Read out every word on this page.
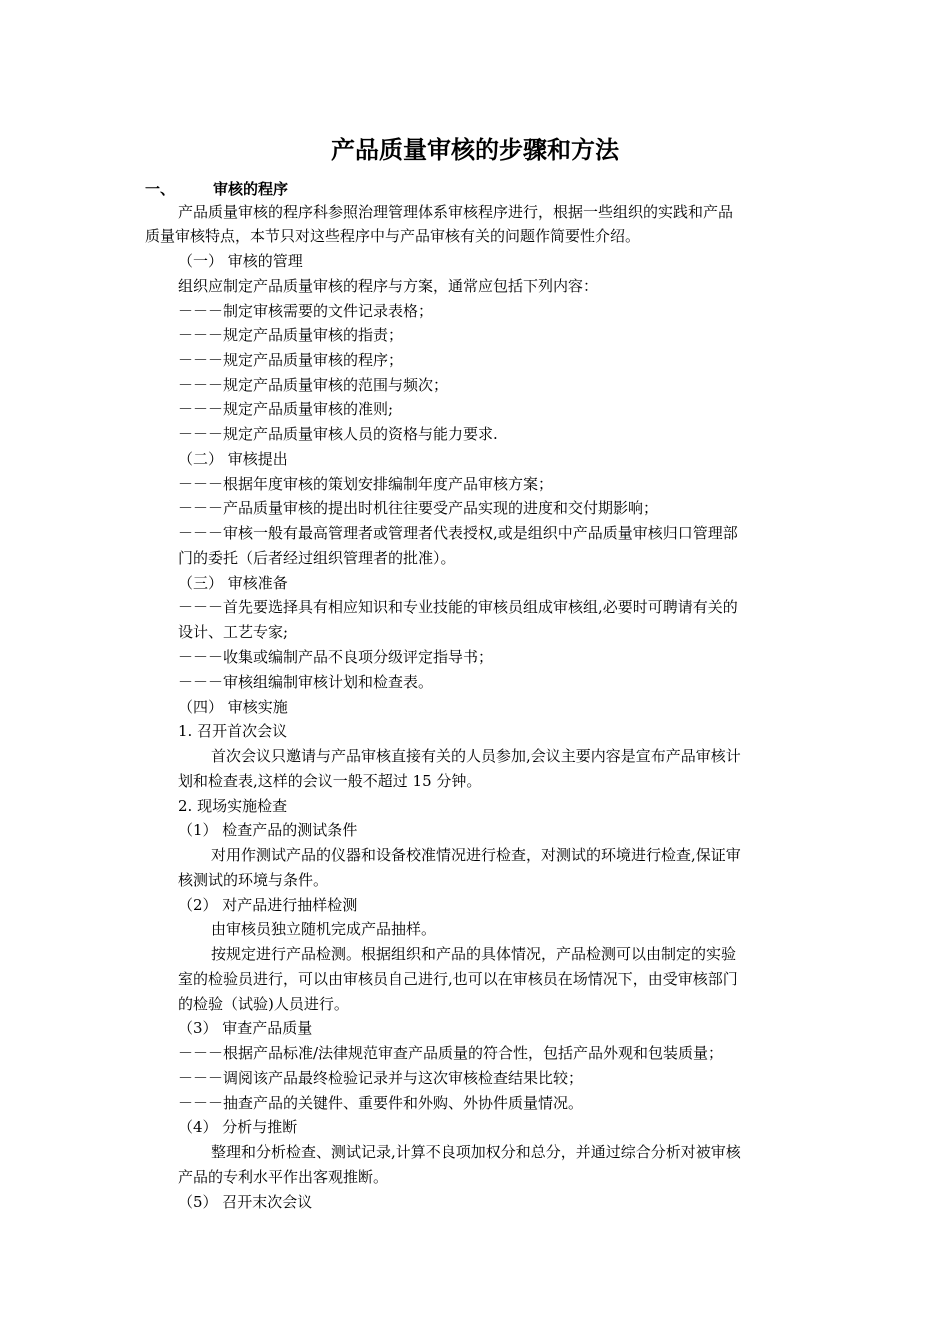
产品质量审核的步骤和方法
一、	审核的程序
产品质量审核的程序科参照治理管理体系审核程序进行，根据一些组织的实践和产品
质量审核特点，本节只对这些程序中与产品审核有关的问题作简要性介绍。
（一） 审核的管理
组织应制定产品质量审核的程序与方案，通常应包括下列内容：
－－－制定审核需要的文件记录表格；
－－－规定产品质量审核的指责；
－－－规定产品质量审核的程序；
－－－规定产品质量审核的范围与频次；
－－－规定产品质量审核的准则;
－－－规定产品质量审核人员的资格与能力要求.
（二） 审核提出
－－－根据年度审核的策划安排编制年度产品审核方案；
－－－产品质量审核的提出时机往往要受产品实现的进度和交付期影响；
－－－审核一般有最高管理者或管理者代表授权,或是组织中产品质量审核归口管理部
门的委托（后者经过组织管理者的批准）。
（三） 审核准备
－－－首先要选择具有相应知识和专业技能的审核员组成审核组,必要时可聘请有关的
设计、工艺专家;
－－－收集或编制产品不良项分级评定指导书；
－－－审核组编制审核计划和检查表。
（四） 审核实施
1. 召开首次会议
首次会议只邀请与产品审核直接有关的人员参加,会议主要内容是宣布产品审核计
划和检查表,这样的会议一般不超过 15 分钟。
2. 现场实施检查
（1） 检查产品的测试条件
对用作测试产品的仪器和设备校准情况进行检查，对测试的环境进行检查,保证审
核测试的环境与条件。
（2） 对产品进行抽样检测
由审核员独立随机完成产品抽样。
按规定进行产品检测。根据组织和产品的具体情况，产品检测可以由制定的实验
室的检验员进行，可以由审核员自己进行,也可以在审核员在场情况下，由受审核部门
的检验（试验)人员进行。
（3） 审查产品质量
－－－根据产品标准/法律规范审查产品质量的符合性，包括产品外观和包装质量；
－－－调阅该产品最终检验记录并与这次审核检查结果比较；
－－－抽查产品的关键件、重要件和外购、外协件质量情况。
（4） 分析与推断
整理和分析检查、测试记录,计算不良项加权分和总分，并通过综合分析对被审核
产品的专利水平作出客观推断。
（5） 召开末次会议
